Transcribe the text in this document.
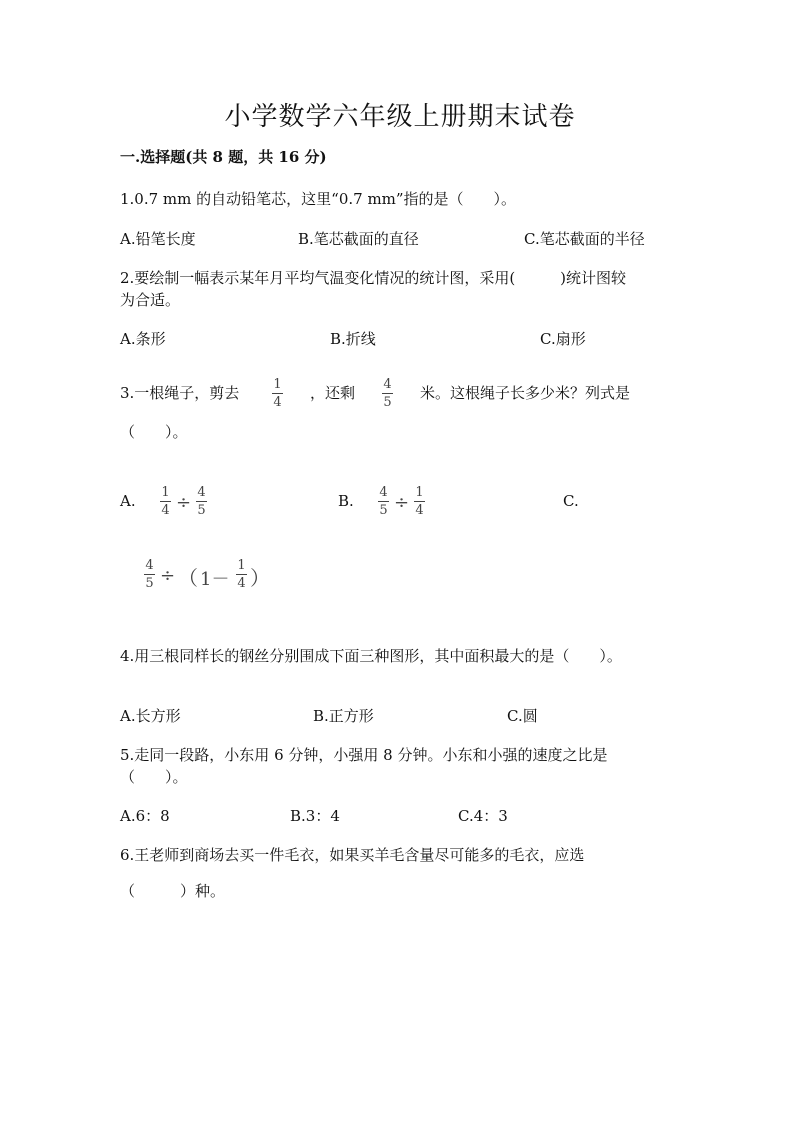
小学数学六年级上册期末试卷
一.选择题(共 8 题，共 16 分)
1.0.7 mm 的自动铅笔芯，这里“0.7 mm”指的是（　　）。
A.铅笔长度	B.笔芯截面的直径	C.笔芯截面的半径
2.要绘制一幅表示某年月平均气温变化情况的统计图，采用(　　　)统计图较
为合适。
A.条形	B.折线	C.扇形
3.一根绳子，剪去	1
4
，还剩 4
5
米。这根绳子长多少米？列式是
（　　）。
A. 1
4 ÷ 4
5
B. 4
5 ÷ 1
4
C.
4
5 ÷ （ 1－
1
4 ）
4.用三根同样长的钢丝分别围成下面三种图形，其中面积最大的是（　　）。
A.长方形	B.正方形	C.圆
5.走同一段路，小东用 6 分钟，小强用 8 分钟。小东和小强的速度之比是
（　　）。
A.6：8	B.3：4	C.4：3
6.王老师到商场去买一件毛衣，如果买羊毛含量尽可能多的毛衣，应选
（　　　）种。
